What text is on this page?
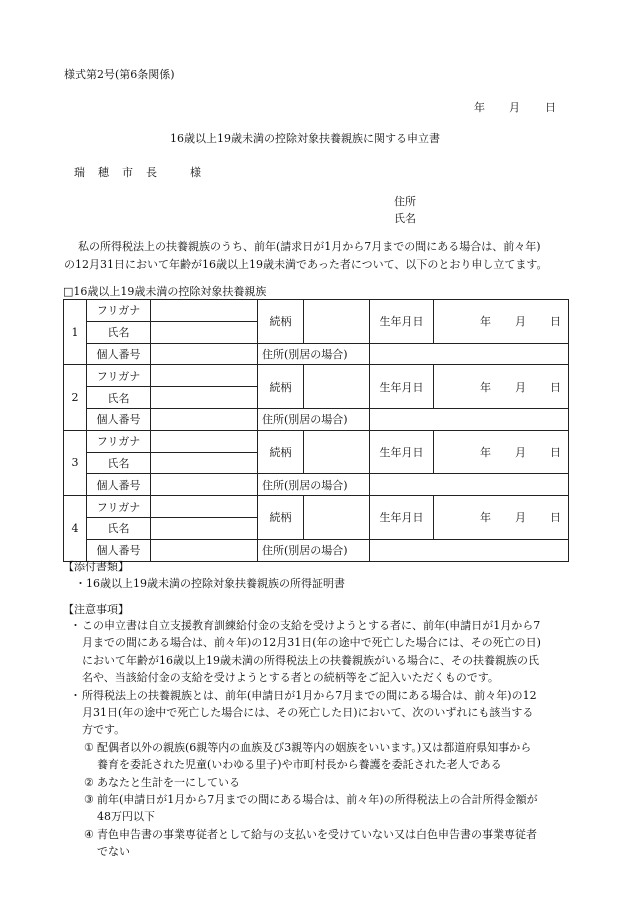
様式第2号(第6条関係)
年 月 日
16歳以上19歳未満の控除対象扶養親族に関する申立書
瑞　穂　市　長	様
住所
氏名
私の所得税法上の扶養親族のうち、前年(請求日が1月から7月までの間にある場合は、前々年)
の12月31日において年齢が16歳以上19歳未満であった者について、以下のとおり申し立てます。
□16歳以上19歳未満の控除対象扶養親族
1	フリガナ		続柄		生年月日	年 月 日
	氏名					
	個人番号		住所(別居の場合)			
2	フリガナ		続柄		生年月日	年 月 日
	氏名					
	個人番号		住所(別居の場合)			
3	フリガナ		続柄		生年月日	年 月 日
	氏名					
	個人番号		住所(別居の場合)			
4	フリガナ		続柄		生年月日	年 月 日
	氏名					
	個人番号		住所(別居の場合)			
【添付書類】
・16歳以上19歳未満の控除対象扶養親族の所得証明書
【注意事項】
・ この申立書は自立支援教育訓練給付金の支給を受けようとする者に、前年(申請日が1月から7
月までの間にある場合は、前々年)の12月31日(年の途中で死亡した場合には、その死亡の日)
において年齢が16歳以上19歳未満の所得税法上の扶養親族がいる場合に、その扶養親族の氏
名や、当該給付金の支給を受けようとする者との続柄等をご記入いただくものです。
・ 所得税法上の扶養親族とは、前年(申請日が1月から7月までの間にある場合は、前々年)の12
月31日(年の途中で死亡した場合には、その死亡した日)において、次のいずれにも該当する
方です。
① 配偶者以外の親族(6親等内の血族及び3親等内の姻族をいいます。)又は都道府県知事から
養育を委託された児童(いわゆる里子)や市町村長から養護を委託された老人である
② あなたと生計を一にしている
③ 前年(申請日が1月から7月までの間にある場合は、前々年)の所得税法上の合計所得金額が
48万円以下
④ 青色申告書の事業専従者として給与の支払いを受けていない又は白色申告書の事業専従者
でない
